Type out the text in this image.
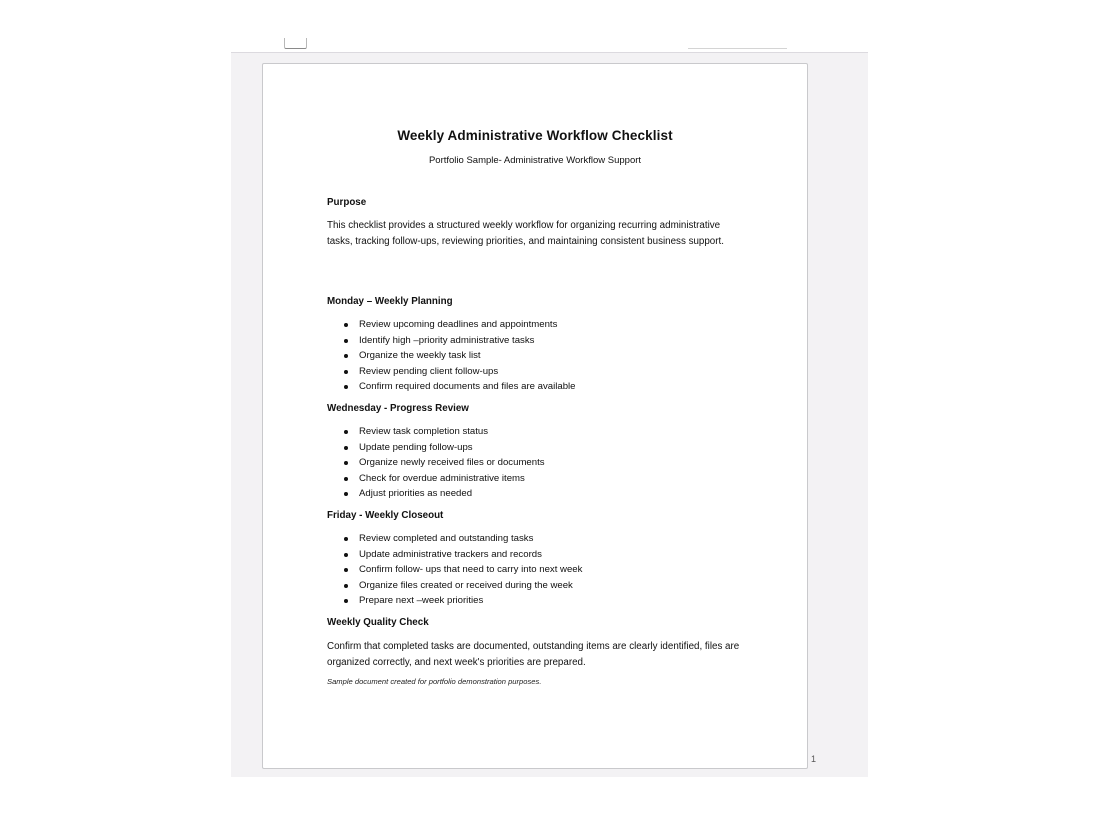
Weekly Administrative Workflow Checklist
Portfolio Sample- Administrative Workflow Support
Purpose
This checklist provides a structured weekly workflow for organizing recurring administrative tasks, tracking follow-ups, reviewing priorities, and maintaining consistent business support.
Monday – Weekly Planning
Review upcoming deadlines and appointments
Identify high –priority administrative tasks
Organize the weekly task list
Review pending client follow-ups
Confirm required documents and files are available
Wednesday - Progress Review
Review task completion status
Update pending follow-ups
Organize newly received files or documents
Check for overdue administrative items
Adjust priorities as needed
Friday - Weekly Closeout
Review completed and outstanding tasks
Update administrative trackers and records
Confirm follow- ups that need to carry into next week
Organize files created or received during the week
Prepare next –week priorities
Weekly Quality Check
Confirm that completed tasks are documented, outstanding items are clearly identified, files are organized correctly, and next week's priorities are prepared.
Sample document created for portfolio demonstration purposes.
1
